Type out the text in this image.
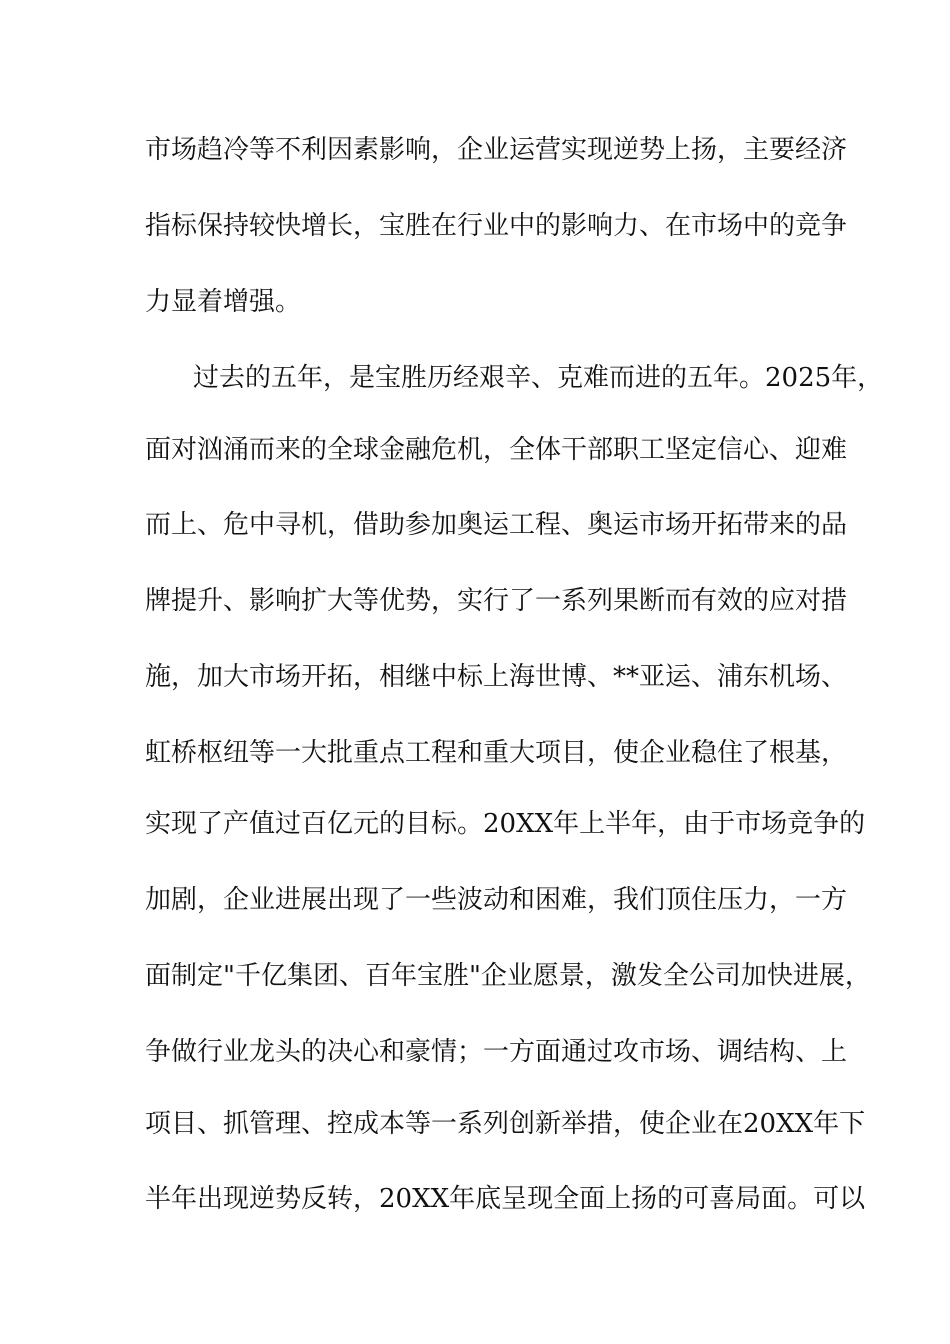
市场趋冷等不利因素影响，企业运营实现逆势上扬，主要经济
指标保持较快增长，宝胜在行业中的影响力、在市场中的竞争
力显着增强。
过去的五年，是宝胜历经艰辛、克难而进的五年。2025年，
面对汹涌而来的全球金融危机，全体干部职工坚定信心、迎难
而上、危中寻机，借助参加奥运工程、奥运市场开拓带来的品
牌提升、影响扩大等优势，实行了一系列果断而有效的应对措
施，加大市场开拓，相继中标上海世博、**亚运、浦东机场、
虹桥枢纽等一大批重点工程和重大项目，使企业稳住了根基，
实现了产值过百亿元的目标。20XX年上半年，由于市场竞争的
加剧，企业进展出现了一些波动和困难，我们顶住压力，一方
面制定"千亿集团、百年宝胜"企业愿景，激发全公司加快进展，
争做行业龙头的决心和豪情；一方面通过攻市场、调结构、上
项目、抓管理、控成本等一系列创新举措，使企业在20XX年下
半年出现逆势反转，20XX年底呈现全面上扬的可喜局面。可以
